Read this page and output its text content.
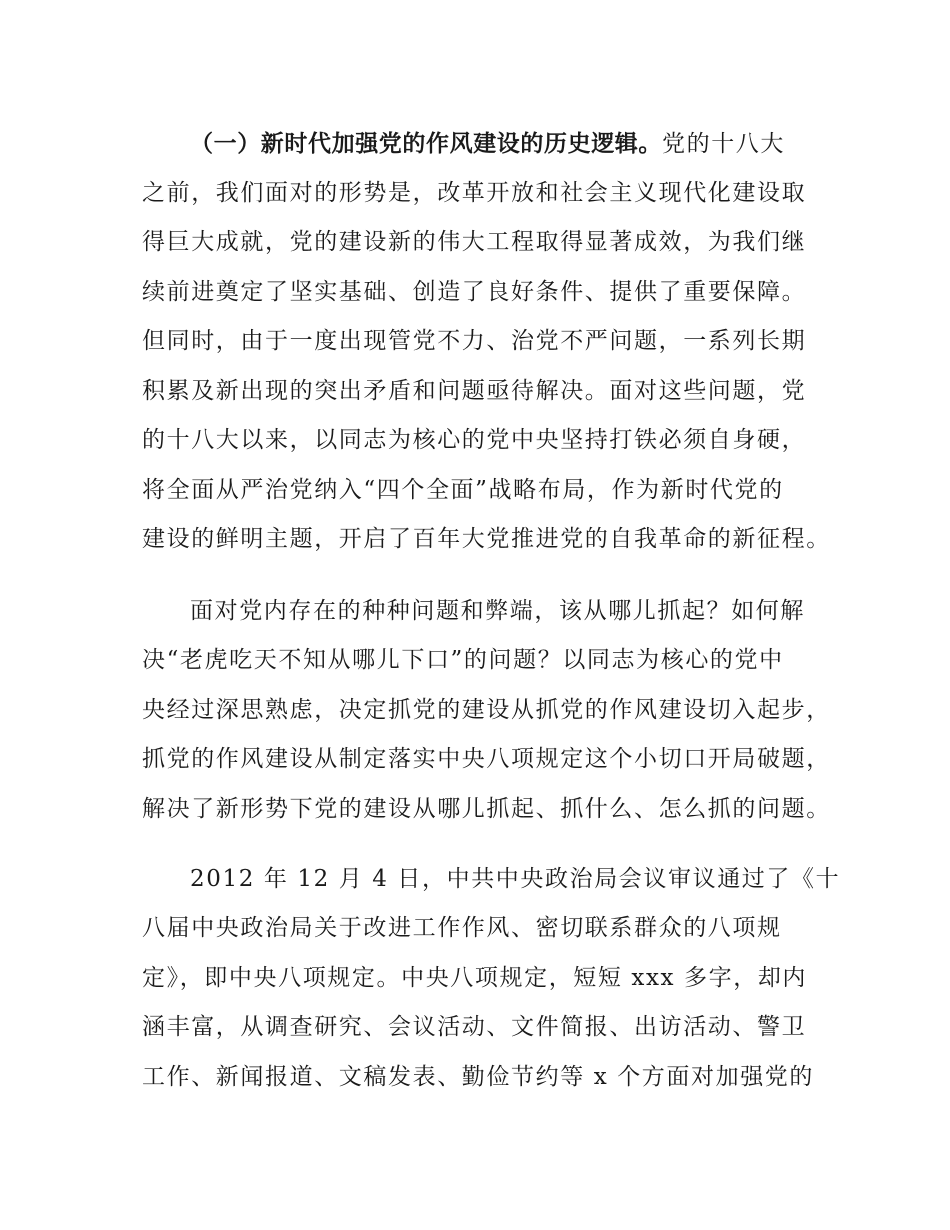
（一）新时代加强党的作风建设的历史逻辑。党的十八大
之前，我们面对的形势是，改革开放和社会主义现代化建设取
得巨大成就，党的建设新的伟大工程取得显著成效，为我们继
续前进奠定了坚实基础、创造了良好条件、提供了重要保障。
但同时，由于一度出现管党不力、治党不严问题，一系列长期
积累及新出现的突出矛盾和问题亟待解决。面对这些问题，党
的十八大以来，以同志为核心的党中央坚持打铁必须自身硬，
将全面从严治党纳入“四个全面”战略布局，作为新时代党的
建设的鲜明主题，开启了百年大党推进党的自我革命的新征程。
面对党内存在的种种问题和弊端，该从哪儿抓起？如何解
决“老虎吃天不知从哪儿下口”的问题？以同志为核心的党中
央经过深思熟虑，决定抓党的建设从抓党的作风建设切入起步，
抓党的作风建设从制定落实中央八项规定这个小切口开局破题，
解决了新形势下党的建设从哪儿抓起、抓什么、怎么抓的问题。
2012 年 12 月 4 日，中共中央政治局会议审议通过了《十
八届中央政治局关于改进工作作风、密切联系群众的八项规
定》，即中央八项规定。中央八项规定，短短 xxx 多字，却内
涵丰富，从调查研究、会议活动、文件简报、出访活动、警卫
工作、新闻报道、文稿发表、勤俭节约等 x 个方面对加强党的
